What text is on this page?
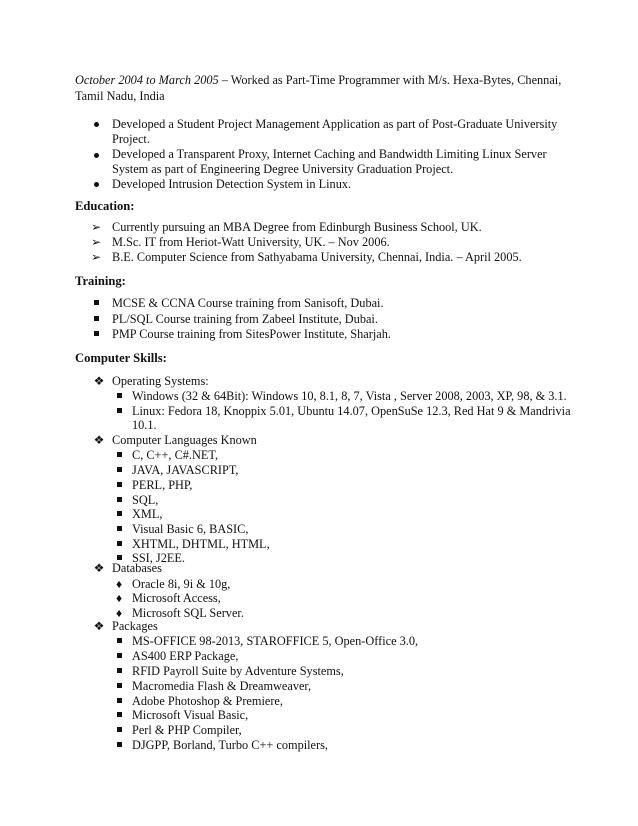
October 2004 to March 2005 – Worked as Part-Time Programmer with M/s. Hexa-Bytes, Chennai,
Tamil Nadu, India
Developed a Student Project Management Application as part of Post-Graduate University
Project.
Developed a Transparent Proxy, Internet Caching and Bandwidth Limiting Linux Server
System as part of Engineering Degree University Graduation Project.
Developed Intrusion Detection System in Linux.
Education:
➢ Currently pursuing an MBA Degree from Edinburgh Business School, UK.
➢ M.Sc. IT from Heriot-Watt University, UK. – Nov 2006.
➢ B.E. Computer Science from Sathyabama University, Chennai, India. – April 2005.
Training:
MCSE & CCNA Course training from Sanisoft, Dubai.
PL/SQL Course training from Zabeel Institute, Dubai.
PMP Course training from SitesPower Institute, Sharjah.
Computer Skills:
❖ Operating Systems:
Windows (32 & 64Bit): Windows 10, 8.1, 8, 7, Vista , Server 2008, 2003, XP, 98, & 3.1.
Linux: Fedora 18, Knoppix 5.01, Ubuntu 14.07, OpenSuSe 12.3, Red Hat 9 & Mandrivia
10.1.
❖ Computer Languages Known
C, C++, C#.NET,
JAVA, JAVASCRIPT,
PERL, PHP,
SQL,
XML,
Visual Basic 6, BASIC,
XHTML, DHTML, HTML,
SSI, J2EE.
❖ Databases
♦ Oracle 8i, 9i & 10g,
♦ Microsoft Access,
♦ Microsoft SQL Server.
❖ Packages
MS-OFFICE 98-2013, STAROFFICE 5, Open-Office 3.0,
AS400 ERP Package,
RFID Payroll Suite by Adventure Systems,
Macromedia Flash & Dreamweaver,
Adobe Photoshop & Premiere,
Microsoft Visual Basic,
Perl & PHP Compiler,
DJGPP, Borland, Turbo C++ compilers,
